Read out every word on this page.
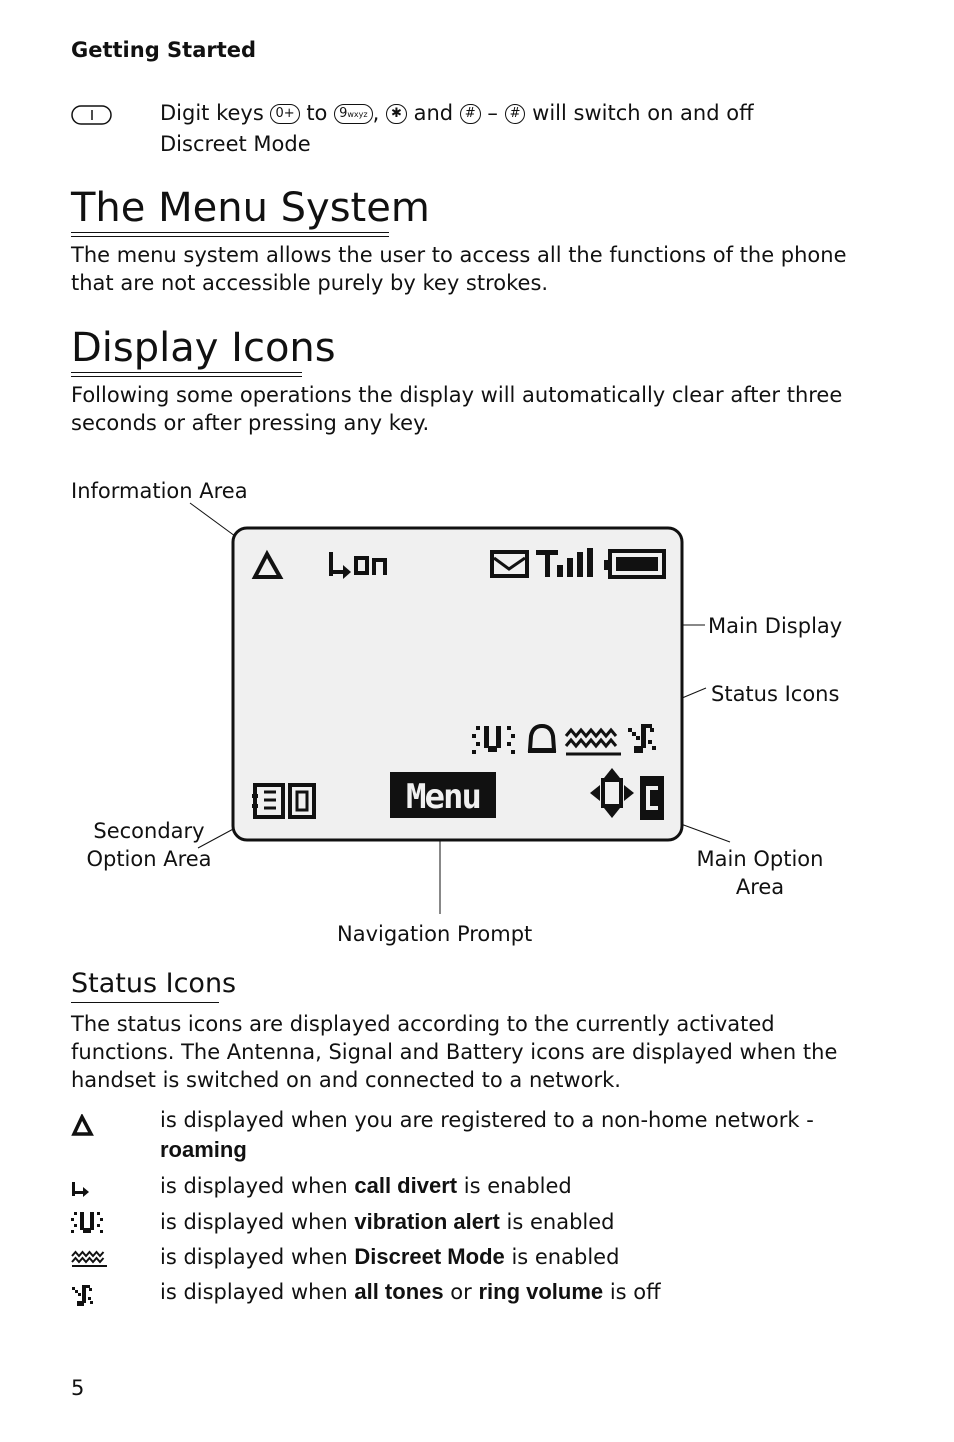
Getting Started
Digit keys 0+ to 9wxyz , ✱ and # – # will switch on and off
Discreet Mode
The Menu System
The menu system allows the user to access all the functions of the phone
that are not accessible purely by key strokes.
Display Icons
Following some operations the display will automatically clear after three
seconds or after pressing any key.
Menu
Information Area
Main Display
Status Icons
Secondary
Option Area	Main Option
Area
Navigation Prompt
Status Icons
The status icons are displayed according to the currently activated
functions. The Antenna, Signal and Battery icons are displayed when the
handset is switched on and connected to a network.
is displayed when you are registered to a non-home network -
roaming
is displayed when call divert is enabled
is displayed when vibration alert is enabled
is displayed when Discreet Mode is enabled
is displayed when all tones or ring volume is off
5
